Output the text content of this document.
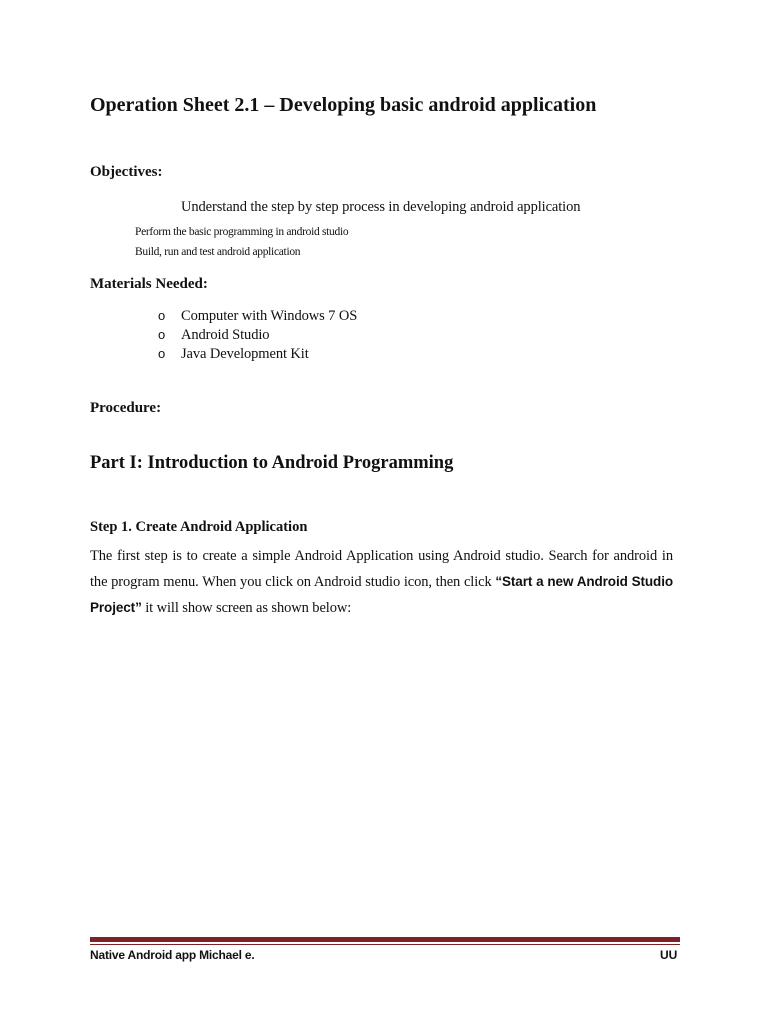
Operation Sheet 2.1 – Developing basic android application
Objectives:
Understand the step by step process in developing android application
Perform the basic programming in android studio
Build, run and test android application
Materials Needed:
o Computer with Windows 7 OS
o Android Studio
o Java Development Kit
Procedure:
Part I: Introduction to Android Programming
Step 1. Create Android Application
The first step is to create a simple Android Application using Android studio. Search for android in the program menu. When you click on Android studio icon, then click “Start a new Android Studio Project” it will show screen as shown below:
Native Android app Michael e.	UU
